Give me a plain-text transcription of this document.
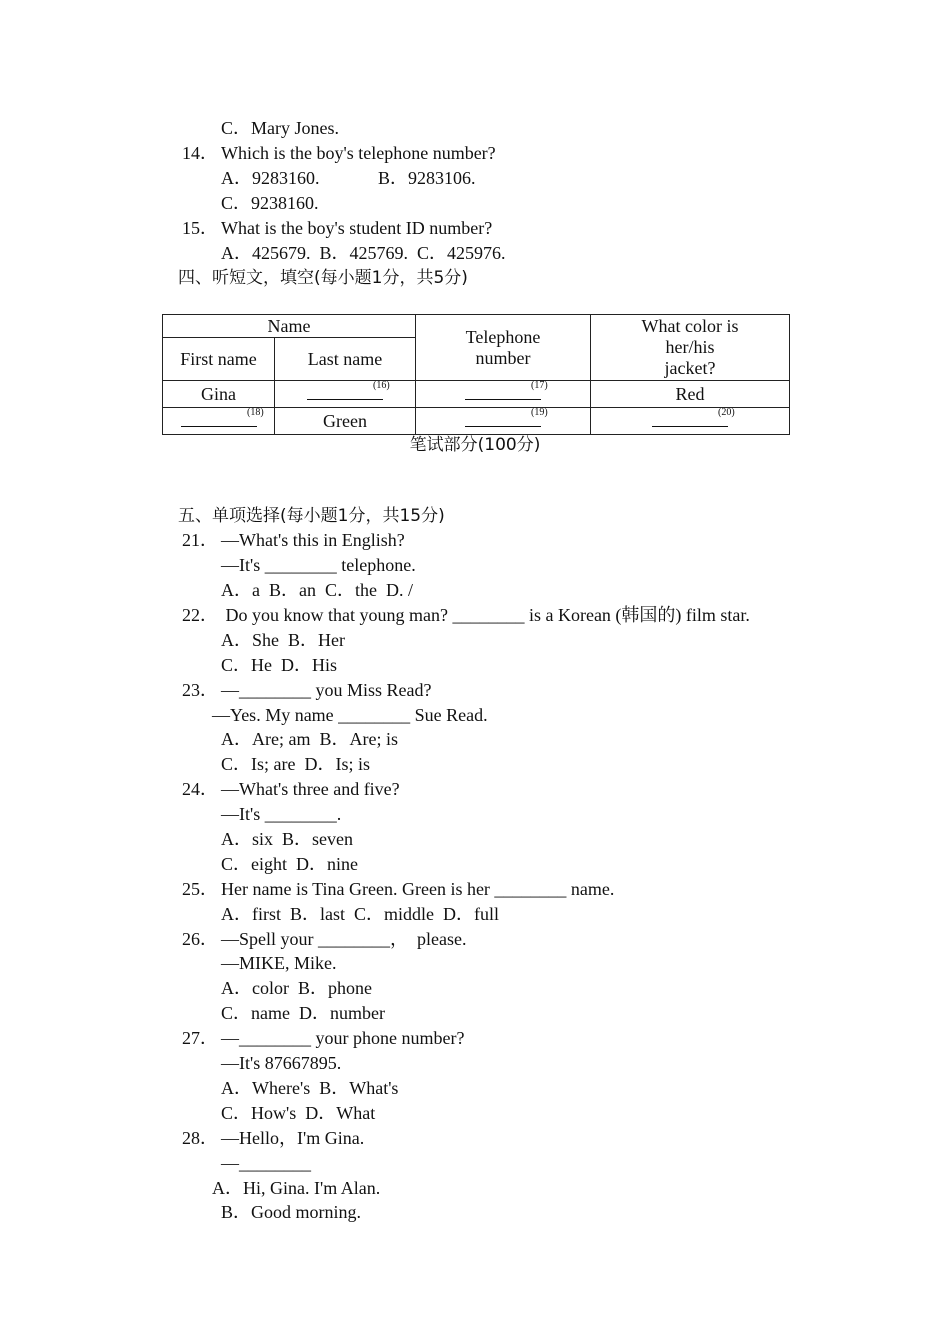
C．Mary Jones.
14． Which is the boy's telephone number?
A．9283160.             B．9283106.
C．9238160.
15． What is the boy's student ID number?
A．425679.  B．425769.  C．425976.
四、听短文，填空(每小题1分，共5分)
Name		Telephone number	What color is her/his jacket?

First name	Last name		
Gina	(16)	(17)	Red

(18)	Green	(19)	(20)
笔试部分(100分)
五、单项选择(每小题1分，共15分)
21． —What's this in English?
—It's ________ telephone.
A．a  B．an  C．the  D. /
22． Do you know that young man? ________ is a Korean (韩国的) film star.
A．She  B．Her
C．He  D．His
23． —________ you Miss Read?
—Yes. My name ________ Sue Read.
A．Are; am  B．Are; is
C．Is; are  D．Is; is
24． —What's three and five?
—It's ________.
A．six  B．seven
C．eight  D．nine
25． Her name is Tina Green. Green is her ________ name.
A．first  B．last  C．middle  D．full
26． —Spell your ________，  please.
—MIKE, Mike.
A．color  B．phone
C．name  D．number
27． —________ your phone number?
—It's 87667895.
A．Where's  B．What's
C．How's  D．What
28． —Hello，I'm Gina.
—________
A．Hi, Gina. I'm Alan.
B．Good morning.
